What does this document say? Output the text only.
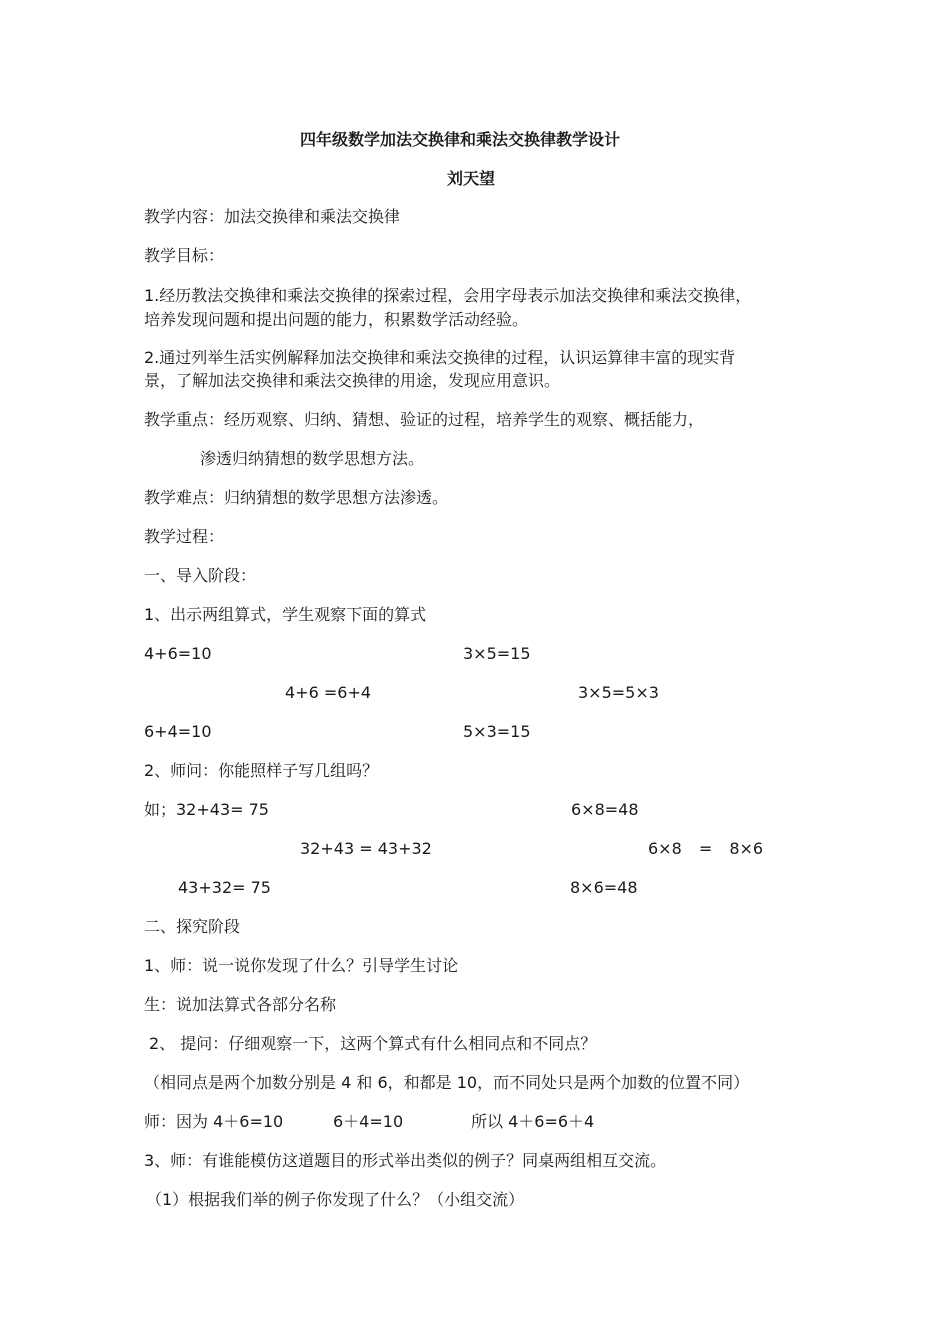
四年级数学加法交换律和乘法交换律教学设计
刘天望
教学内容：加法交换律和乘法交换律
教学目标：
1.经历教法交换律和乘法交换律的探索过程，会用字母表示加法交换律和乘法交换律，
培养发现问题和提出问题的能力，积累数学活动经验。
2.通过列举生活实例解释加法交换律和乘法交换律的过程，认识运算律丰富的现实背
景，了解加法交换律和乘法交换律的用途，发现应用意识。
教学重点：经历观察、归纳、猜想、验证的过程，培养学生的观察、概括能力，
渗透归纳猜想的数学思想方法。
教学难点：归纳猜想的数学思想方法渗透。
教学过程：
一、导入阶段：
1、出示两组算式，学生观察下面的算式
4+6=10	3×5=15
4+6 =6+4	3×5=5×3
6+4=10	5×3=15
2、师问：你能照样子写几组吗？
如；32+43= 75	6×8=48
32+43 = 43+32	6×8 = 8×6
43+32= 75	8×6=48
二、探究阶段
1、师：说一说你发现了什么？引导学生讨论
生：说加法算式各部分名称
2、 提问：仔细观察一下，这两个算式有什么相同点和不同点？
（相同点是两个加数分别是 4 和 6，和都是 10，而不同处只是两个加数的位置不同）
师：因为 4＋6=10	6＋4=10	所以 4＋6=6＋4
3、师：有谁能模仿这道题目的形式举出类似的例子？同桌两组相互交流。
（1）根据我们举的例子你发现了什么？（小组交流）
